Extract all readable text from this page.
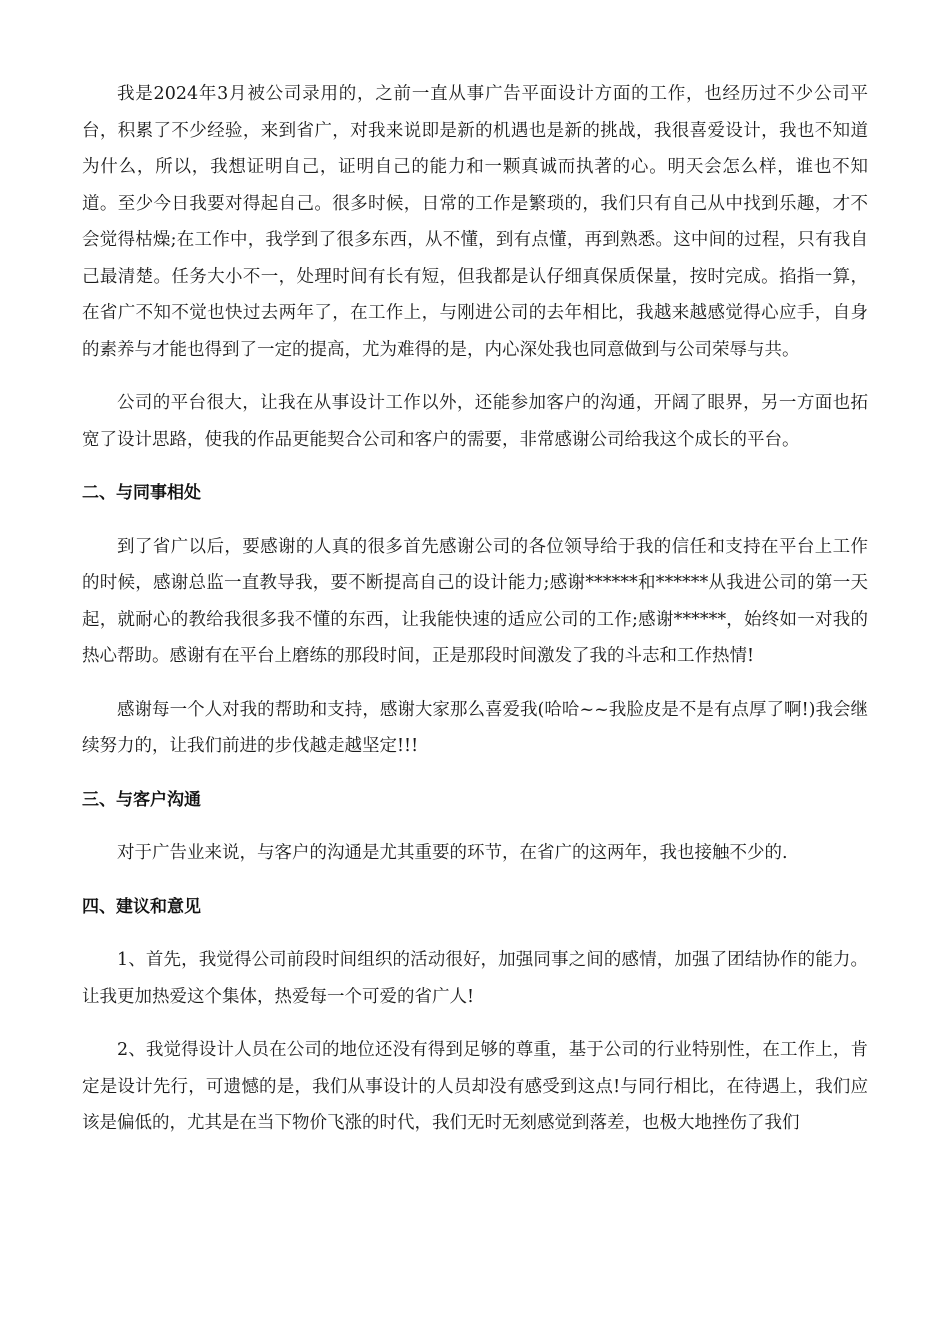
我是2024年3月被公司录用的，之前一直从事广告平面设计方面的工作，也经历过不少公司平台，积累了不少经验，来到省广，对我来说即是新的机遇也是新的挑战，我很喜爱设计，我也不知道为什么，所以，我想证明自己，证明自己的能力和一颗真诚而执著的心。明天会怎么样，谁也不知道。至少今日我要对得起自己。很多时候，日常的工作是繁琐的，我们只有自己从中找到乐趣，才不会觉得枯燥;在工作中，我学到了很多东西，从不懂，到有点懂，再到熟悉。这中间的过程，只有我自己最清楚。任务大小不一，处理时间有长有短，但我都是认仔细真保质保量，按时完成。掐指一算，在省广不知不觉也快过去两年了，在工作上，与刚进公司的去年相比，我越来越感觉得心应手，自身的素养与才能也得到了一定的提高，尤为难得的是，内心深处我也同意做到与公司荣辱与共。

公司的平台很大，让我在从事设计工作以外，还能参加客户的沟通，开阔了眼界，另一方面也拓宽了设计思路，使我的作品更能契合公司和客户的需要，非常感谢公司给我这个成长的平台。

二、与同事相处

到了省广以后，要感谢的人真的很多首先感谢公司的各位领导给于我的信任和支持在平台上工作的时候，感谢总监一直教导我，要不断提高自己的设计能力;感谢******和******从我进公司的第一天起，就耐心的教给我很多我不懂的东西，让我能快速的适应公司的工作;感谢******，始终如一对我的热心帮助。感谢有在平台上磨练的那段时间，正是那段时间激发了我的斗志和工作热情!

感谢每一个人对我的帮助和支持，感谢大家那么喜爱我(哈哈~~我脸皮是不是有点厚了啊!)我会继续努力的，让我们前进的步伐越走越坚定!!!

三、与客户沟通

对于广告业来说，与客户的沟通是尤其重要的环节，在省广的这两年，我也接触不少的.

四、建议和意见

1、首先，我觉得公司前段时间组织的活动很好，加强同事之间的感情，加强了团结协作的能力。让我更加热爱这个集体，热爱每一个可爱的省广人!

2、我觉得设计人员在公司的地位还没有得到足够的尊重，基于公司的行业特别性，在工作上，肯定是设计先行，可遗憾的是，我们从事设计的人员却没有感受到这点!与同行相比，在待遇上，我们应该是偏低的，尤其是在当下物价飞涨的时代，我们无时无刻感觉到落差，也极大地挫伤了我们
